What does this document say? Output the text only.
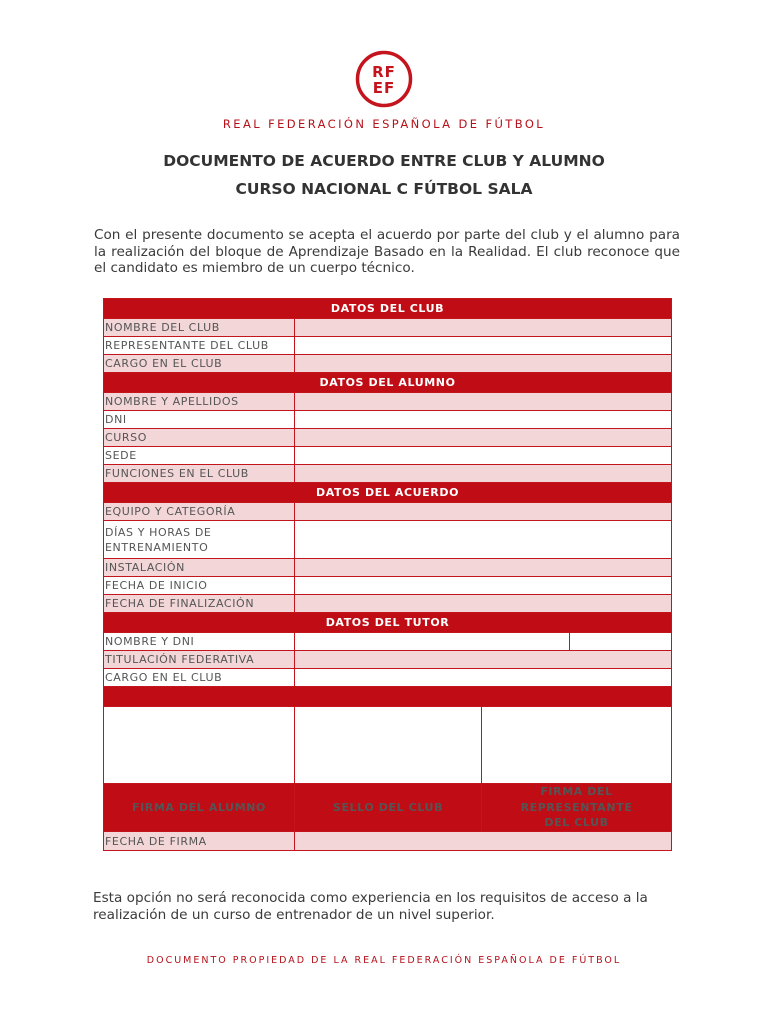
RF
EF
REAL FEDERACIÓN ESPAÑOLA DE FÚTBOL
DOCUMENTO DE ACUERDO ENTRE CLUB Y ALUMNO
CURSO NACIONAL C FÚTBOL SALA
Con el presente documento se acepta el acuerdo por parte del club y el alumno para la realización del bloque de Aprendizaje Basado en la Realidad. El club reconoce que el candidato es miembro de un cuerpo técnico.
DATOS DEL CLUB			
NOMBRE DEL CLUB			
REPRESENTANTE DEL CLUB			
CARGO EN EL CLUB			
DATOS DEL ALUMNO			
NOMBRE Y APELLIDOS			
DNI			
CURSO			
SEDE			
FUNCIONES EN EL CLUB			
DATOS DEL ACUERDO			
EQUIPO Y CATEGORÍA			
DÍAS Y HORAS DE ENTRENAMIENTO			
INSTALACIÓN			
FECHA DE INICIO			
FECHA DE FINALIZACIÓN			
DATOS DEL TUTOR			
NOMBRE Y DNI			
TITULACIÓN FEDERATIVA			
CARGO EN EL CLUB			

FIRMA DEL ALUMNO	SELLO DEL CLUB	FIRMA DEL REPRESENTANTE DEL CLUB	
FECHA DE FIRMA			
Esta opción no será reconocida como experiencia en los requisitos de acceso a la realización de un curso de entrenador de un nivel superior.
DOCUMENTO PROPIEDAD DE LA REAL FEDERACIÓN ESPAÑOLA DE FÚTBOL
